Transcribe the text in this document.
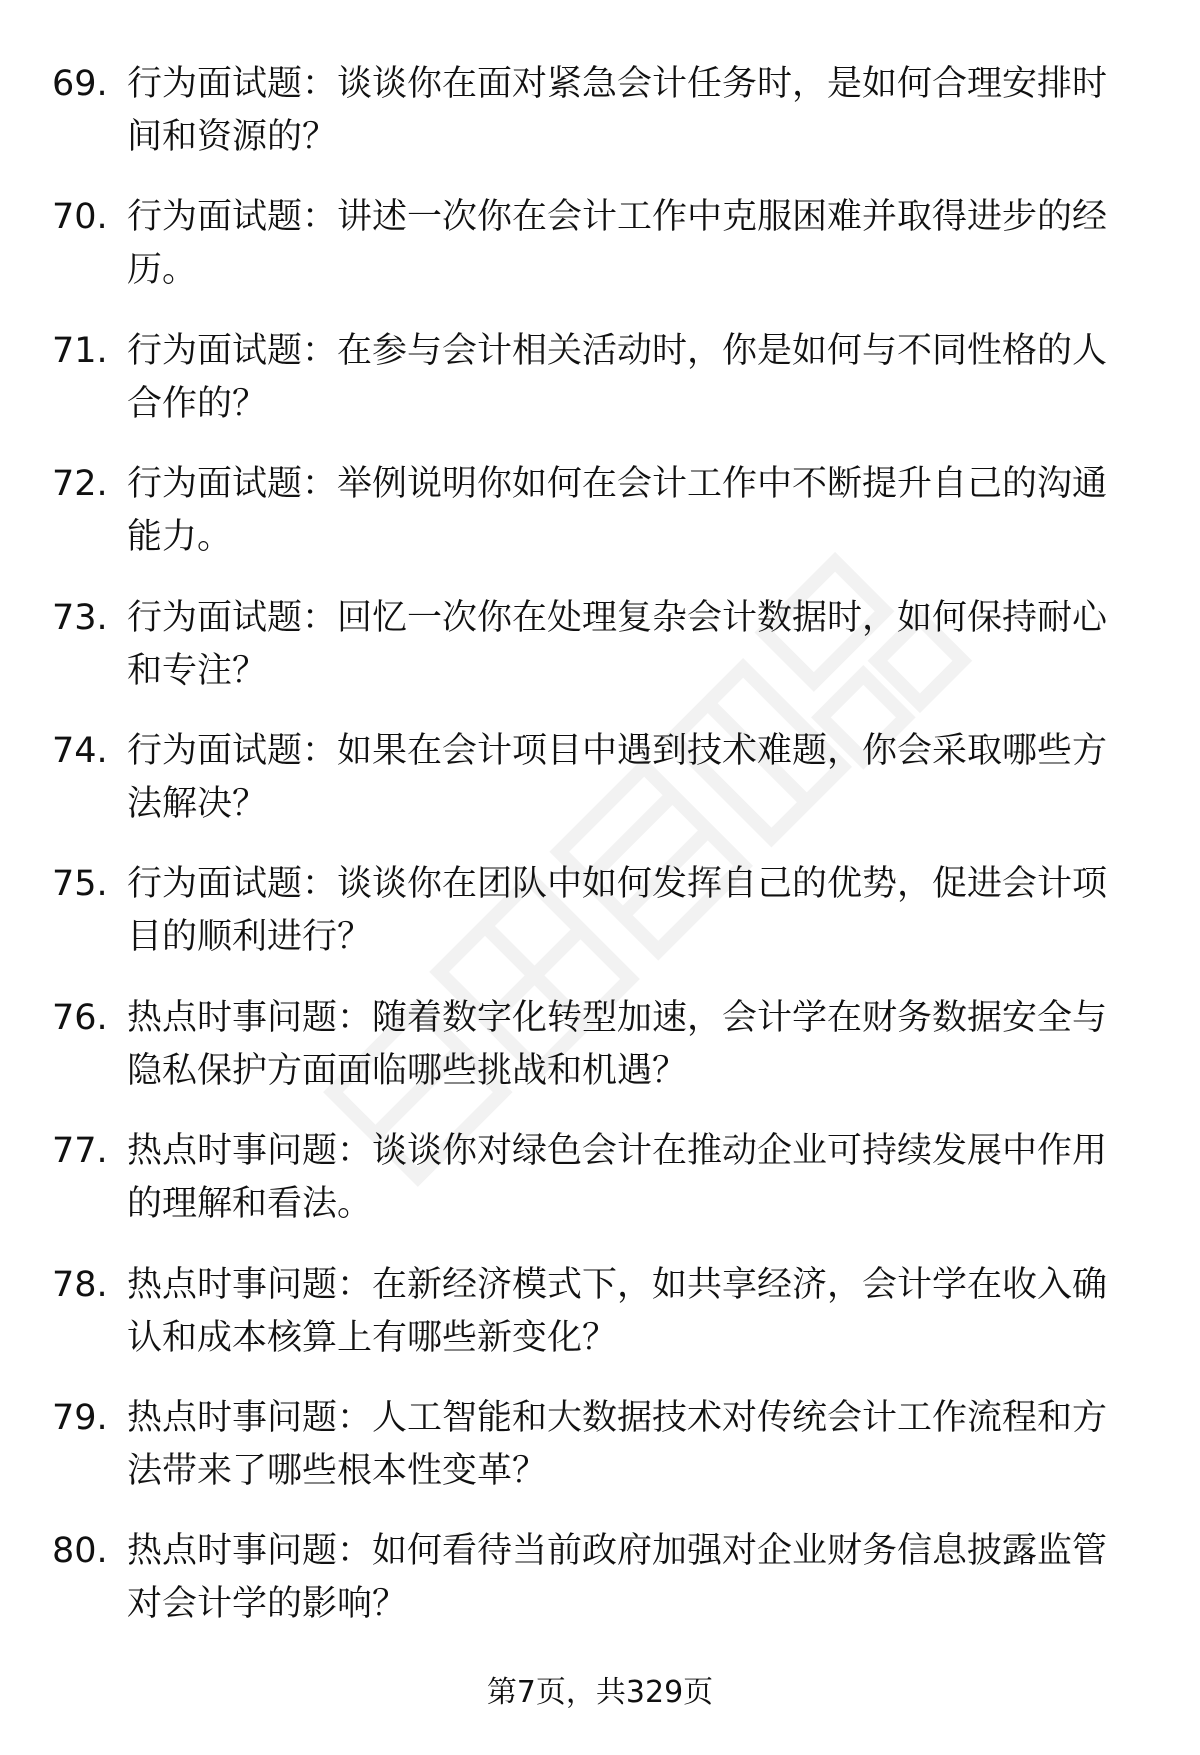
69. 行为面试题：谈谈你在面对紧急会计任务时，是如何合理安排时间和资源的？
70. 行为面试题：讲述一次你在会计工作中克服困难并取得进步的经历。
71. 行为面试题：在参与会计相关活动时，你是如何与不同性格的人合作的？
72. 行为面试题：举例说明你如何在会计工作中不断提升自己的沟通能力。
73. 行为面试题：回忆一次你在处理复杂会计数据时，如何保持耐心和专注？
74. 行为面试题：如果在会计项目中遇到技术难题，你会采取哪些方法解决？
75. 行为面试题：谈谈你在团队中如何发挥自己的优势，促进会计项目的顺利进行？
76. 热点时事问题：随着数字化转型加速，会计学在财务数据安全与隐私保护方面面临哪些挑战和机遇？
77. 热点时事问题：谈谈你对绿色会计在推动企业可持续发展中作用的理解和看法。
78. 热点时事问题：在新经济模式下，如共享经济，会计学在收入确认和成本核算上有哪些新变化？
79. 热点时事问题：人工智能和大数据技术对传统会计工作流程和方法带来了哪些根本性变革？
80. 热点时事问题：如何看待当前政府加强对企业财务信息披露监管对会计学的影响？
第7页，共329页
